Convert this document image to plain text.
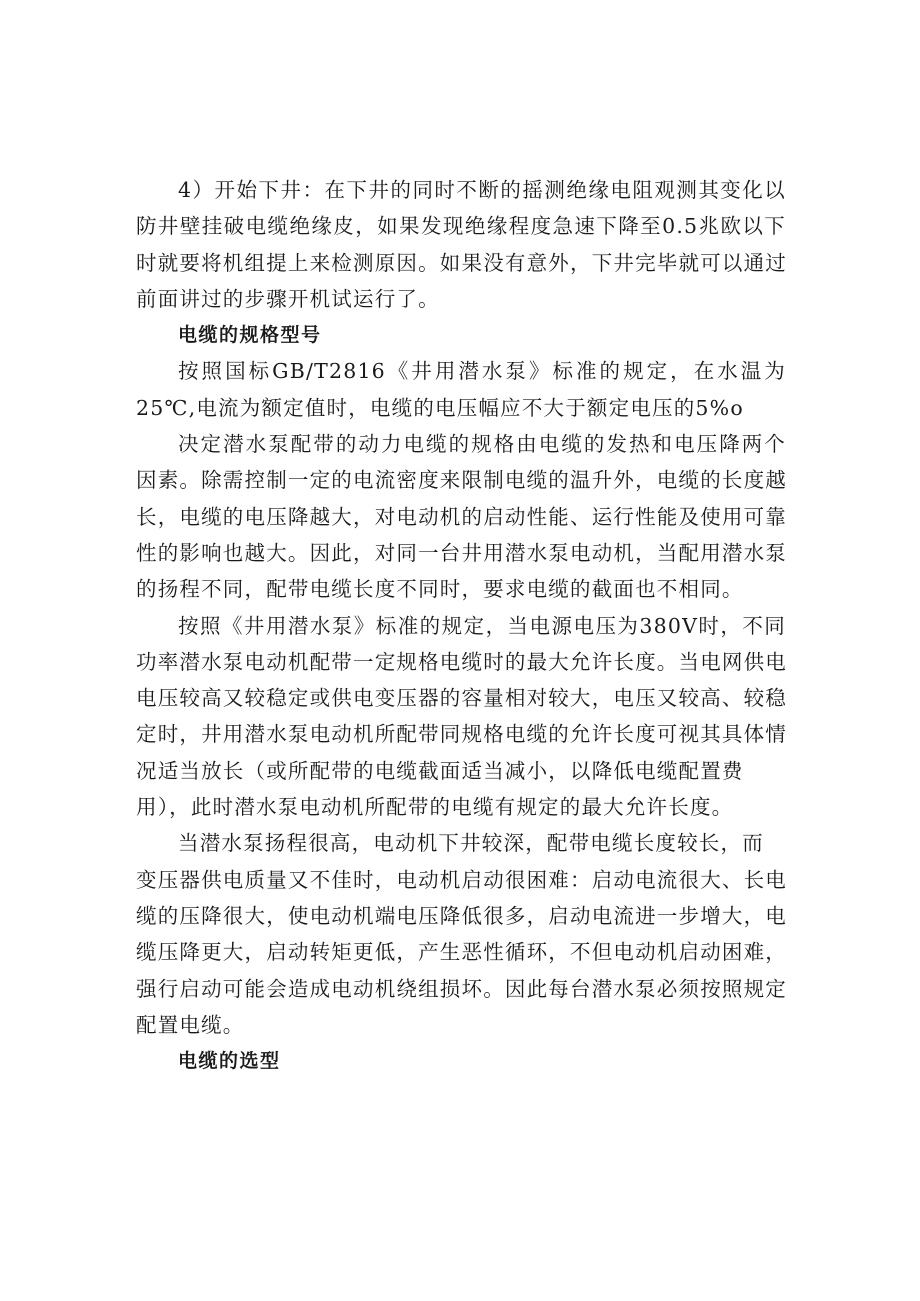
4）开始下井：在下井的同时不断的摇测绝缘电阻观测其变化以
防井壁挂破电缆绝缘皮，如果发现绝缘程度急速下降至0.5兆欧以下
时就要将机组提上来检测原因。如果没有意外，下井完毕就可以通过
前面讲过的步骤开机试运行了。
电缆的规格型号
按照国标GB/T2816《井用潜水泵》标准的规定，在水温为
25℃,电流为额定值时，电缆的电压幅应不大于额定电压的5%o
决定潜水泵配带的动力电缆的规格由电缆的发热和电压降两个
因素。除需控制一定的电流密度来限制电缆的温升外，电缆的长度越
长，电缆的电压降越大，对电动机的启动性能、运行性能及使用可靠
性的影响也越大。因此，对同一台井用潜水泵电动机，当配用潜水泵
的扬程不同，配带电缆长度不同时，要求电缆的截面也不相同。
按照《井用潜水泵》标准的规定，当电源电压为380V时，不同
功率潜水泵电动机配带一定规格电缆时的最大允许长度。当电网供电
电压较高又较稳定或供电变压器的容量相对较大，电压又较高、较稳
定时，井用潜水泵电动机所配带同规格电缆的允许长度可视其具体情
况适当放长（或所配带的电缆截面适当减小，以降低电缆配置费
用），此时潜水泵电动机所配带的电缆有规定的最大允许长度。
当潜水泵扬程很高，电动机下井较深，配带电缆长度较长，而
变压器供电质量又不佳时，电动机启动很困难：启动电流很大、长电
缆的压降很大，使电动机端电压降低很多，启动电流进一步增大，电
缆压降更大，启动转矩更低，产生恶性循环，不但电动机启动困难，
强行启动可能会造成电动机绕组损坏。因此每台潜水泵必须按照规定
配置电缆。
电缆的选型
